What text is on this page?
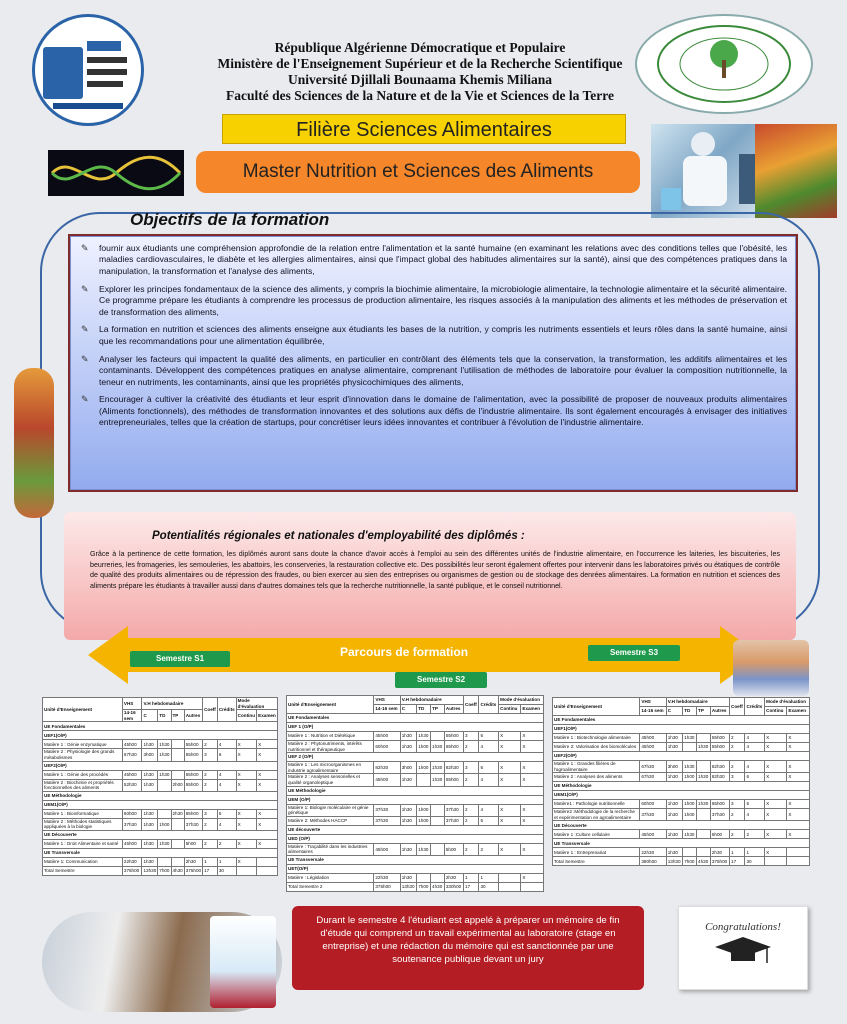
République Algérienne Démocratique et Populaire
Ministère de l'Enseignement Supérieur et de la Recherche Scientifique
Université Djillali Bounaama Khemis Miliana
Faculté des Sciences de la Nature et de la Vie et Sciences de la Terre
Filière Sciences Alimentaires
Master Nutrition et Sciences des Aliments
Objectifs de la formation
✎ fournir aux étudiants une compréhension approfondie de la relation entre l'alimentation et la santé humaine (en examinant les relations avec des conditions telles que l'obésité, les maladies cardiovasculaires, le diabète et les allergies alimentaires, ainsi que l'impact global des habitudes alimentaires sur la santé), ainsi que des compétences pratiques dans la manipulation, la transformation et l'analyse des aliments,
✎ Explorer les principes fondamentaux de la science des aliments, y compris la biochimie alimentaire, la microbiologie alimentaire, la technologie alimentaire et la sécurité alimentaire. Ce programme prépare les étudiants à comprendre les processus de production alimentaire, les risques associés à la manipulation des aliments et les méthodes de préservation et de transformation des aliments,
✎ La formation en nutrition et sciences des aliments enseigne aux étudiants les bases de la nutrition, y compris les nutriments essentiels et leurs rôles dans la santé humaine, ainsi que les recommandations pour une alimentation équilibrée,
✎ Analyser les facteurs qui impactent la qualité des aliments, en particulier en contrôlant des éléments tels que la conservation, la transformation, les additifs alimentaires et les contaminants. Développent des compétences pratiques en analyse alimentaire, comprenant l'utilisation de méthodes de laboratoire pour évaluer la composition nutritionnelle, la teneur en nutriments, les contaminants, ainsi que les propriétés physicochimiques des aliments,
✎ Encourager à cultiver la créativité des étudiants et leur esprit d'innovation dans le domaine de l'alimentation, avec la possibilité de proposer de nouveaux produits alimentaires (Aliments fonctionnels), des méthodes de transformation innovantes et des solutions aux défis de l'industrie alimentaire. Ils sont également encouragés à envisager des initiatives entrepreneuriales, telles que la création de startups, pour concrétiser leurs idées innovantes et contribuer à l'évolution de l'industrie alimentaire.
Potentialités régionales et nationales d'employabilité des diplômés :
Grâce à la pertinence de cette formation, les diplômés auront sans doute la chance d'avoir accès à l'emploi au sein des différentes unités de l'industrie alimentaire, en l'occurrence les laiteries, les biscuiteries, les beurreries, les fromageries, les semouleries, les abattoirs, les conserveries, la restauration collective etc. Des possibilités leur seront également offertes pour intervenir dans les laboratoires privés ou étatiques de contrôle de qualité des produits alimentaires ou de répression des fraudes, ou bien exercer au sien des entreprises ou organismes de gestion ou de stockage des denrées alimentaires. La formation en nutrition et sciences des aliments prépare les étudiants à travailler aussi dans d'autres domaines tels que la recherche nutritionnelle, la santé publique, et le conseil nutritionnel.
Parcours de formation
Semestre S1
Semestre S2
Semestre S3
Unité d'Enseignement	VHS	V.H hebdomadaire				Coeff	Crédits	Mode d'évaluation	
	14-16 sem	C	TD	TP	Autres			Continu	Examen
UE Fondamentales									
UEF1(O/P)									
Matière 1 : Génie enzymatique	45h00	1h30	1h30		55h00	2	4	X	X
Matière 2 : Physiologie des grands métabolismes	67h30	3h00	1h30		55h00	3	6	X	X
UEF2(O/P)									
Matière 1 : Génie des procédés	45h00	1h30	1h30		55h00	2	4	X	X
Matière 2 : Biochimie et propriétés fonctionnelles des aliments	52h30	1h30		2h00	55h00	2	4	X	X
UE Méthodologie									
UEM1(O/P)									
Matière 1 : Bioinformatique	60h00	1h30		2h30	65h00	3	5	X	X
Matière 2 : Méthodes statistiques appliquées à la biologie	37h30	1h30	1h00		37h30	2	4	X	X
UE Découverte									
Matière 1 : Droit Alimentaire et santé	45h00	1h30	1h30		5h00	2	2	X	X
UE Transversale									
Matière 1: Communication	22h30	1h30			2h30	1	1	X	
Total Semestre	375h00	13h30	7h00	4h30	375h00	17	30		
Unité d'Enseignement	VHS	V.H hebdomadaire				Coeff	Crédits	Mode d'évaluation	
	14-16 sem	C	TD	TP	Autres			Continu	Examen
UE Fondamentales									
UEF 1 (O/P)									
Matière 1 : Nutrition et Diététique	45h00	1h30	1h30		55h00	3	6	X	X
Matière 2 : Phytonutriments, intérêts nutritionnel et thérapeutique	60h00	1h30	1h00	1h30	65h00	2	4	X	X
UEF 2 (O/P)									
Matière 1 : Les microorganismes en industrie agroalimentaire	82h30	3h00	1h00	1h30	82h30	3	6	X	X
Matière 2 : Analyses sensorielles et qualité organoleptique	45h00	1h30		1h30	55h00	2	4	X	X
UE Méthodologie									
UEM (O/P)									
Matière 1: Biologie moléculaire et génie génétique	37h30	1h30	1h00		37h30	2	4	X	X
Matière 2: Méthodes HACCP	37h30	1h30	1h00		37h30	2	5	X	X
UE découverte									
UED (O/P)									
Matière : Traçabilité dans les industries alimentaires	45h00	1h30	1h30		5h00	2	2	X	X
UE Transversale									
UET(O/P)									
Matière : Législation	22h30	1h30			2h30	1	1		X
Total Semestre 2	375h00	13h30	7h00	4h30	330h00	17	30		
Unité d'Enseignement	VHS	V.H hebdomadaire				Coeff	Crédits	Mode d'évaluation	
	14-16 sem	C	TD	TP	Autres			Continu	Examen
UE Fondamentales									
UEF1(O/P)									
Matière 1 : Biotechnologie alimentaire	45h00	1h30	1h30		55h00	2	4	X	X
Matière 2: Valorisation des biomolécules	45h00	1h30		1h30	55h00	2	4	X	X
UEF2(O/P)									
Matière 1 : Grandes filières de l'agroalimentaire	67h30	3h00	1h30		82h30	2	4	X	X
Matière 2 : Analyses des aliments	67h30	1h30	1h00	1h30	82h30	3	6	X	X
UE Méthodologie									
UEM1(O/P)									
Matière1 : Pathologie nutritionnelle	60h00	1h30	1h00	1h30	65h00	3	5	X	X
Matière2 :Méthodologie de la recherche et expérimentation en agroalimentaire	37h30	1h30	1h00		37h30	2	4	X	X
UE Découverte									
Matière 1 :Culture cellulaire	45h00	1h30	1h30		5h00	2	2	X	X
UE Transversale									
Matière 1 : Entreprenariat	22h30	1h30			2h30	1	1	X	
Total Semestre	380h00	13h30	7h00	4h30	375h00	17	30		
Durant le semestre 4 l'étudiant est appelé à préparer un mémoire de fin d'étude qui comprend un travail expérimental au laboratoire (stage en entreprise) et une rédaction du mémoire qui est sanctionnée par une soutenance publique devant un jury
Congratulations!
